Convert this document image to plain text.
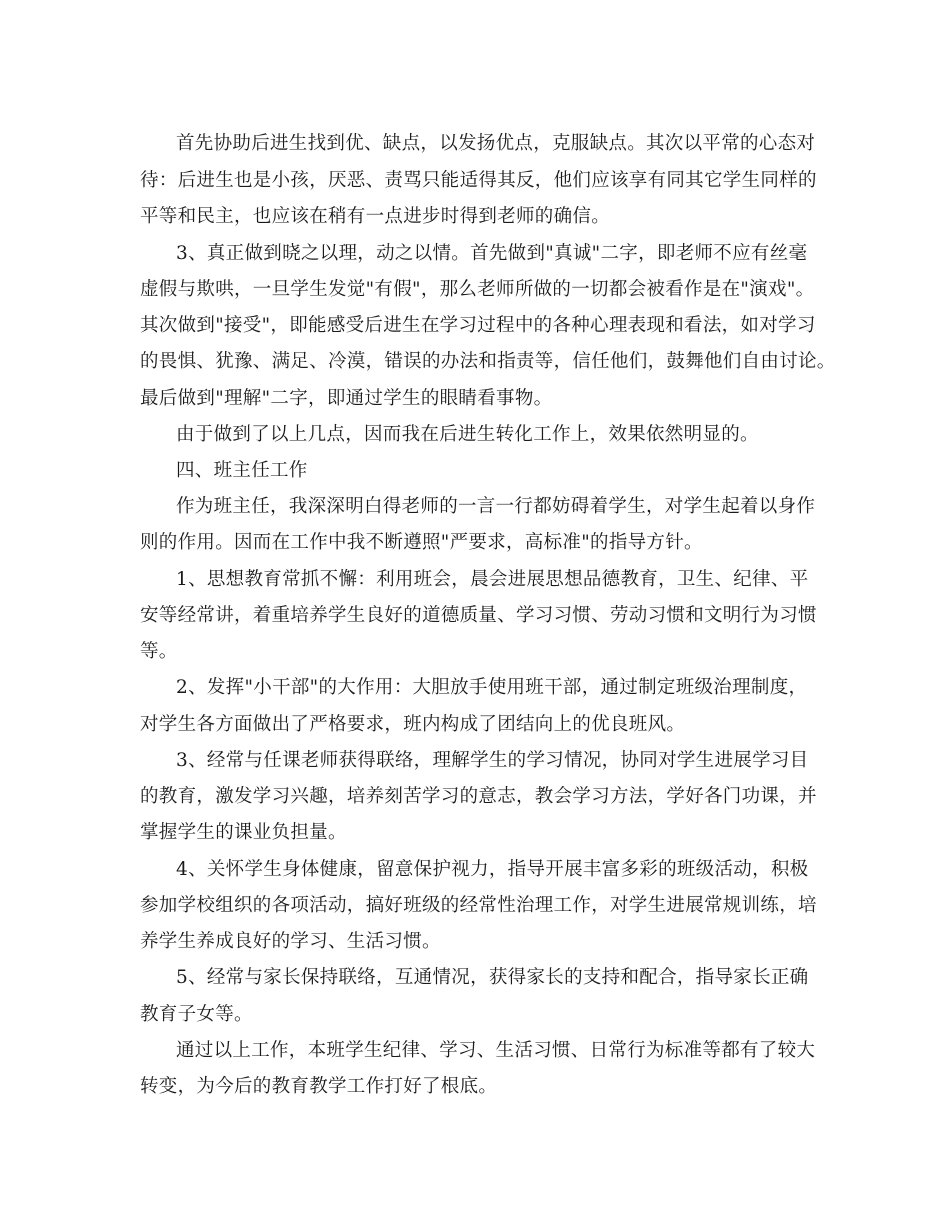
首先协助后进生找到优、缺点，以发扬优点，克服缺点。其次以平常的心态对
待：后进生也是小孩，厌恶、责骂只能适得其反，他们应该享有同其它学生同样的
平等和民主，也应该在稍有一点进步时得到老师的确信。
3、真正做到晓之以理，动之以情。首先做到"真诚"二字，即老师不应有丝毫
虚假与欺哄，一旦学生发觉"有假"，那么老师所做的一切都会被看作是在"演戏"。
其次做到"接受"，即能感受后进生在学习过程中的各种心理表现和看法，如对学习
的畏惧、犹豫、满足、冷漠，错误的办法和指责等，信任他们，鼓舞他们自由讨论。
最后做到"理解"二字，即通过学生的眼睛看事物。
由于做到了以上几点，因而我在后进生转化工作上，效果依然明显的。
四、班主任工作
作为班主任，我深深明白得老师的一言一行都妨碍着学生，对学生起着以身作
则的作用。因而在工作中我不断遵照"严要求，高标准"的指导方针。
1、思想教育常抓不懈：利用班会，晨会进展思想品德教育，卫生、纪律、平
安等经常讲，着重培养学生良好的道德质量、学习习惯、劳动习惯和文明行为习惯
等。
2、发挥"小干部"的大作用：大胆放手使用班干部，通过制定班级治理制度，
对学生各方面做出了严格要求，班内构成了团结向上的优良班风。
3、经常与任课老师获得联络，理解学生的学习情况，协同对学生进展学习目
的教育，激发学习兴趣，培养刻苦学习的意志，教会学习方法，学好各门功课，并
掌握学生的课业负担量。
4、关怀学生身体健康，留意保护视力，指导开展丰富多彩的班级活动，积极
参加学校组织的各项活动，搞好班级的经常性治理工作，对学生进展常规训练，培
养学生养成良好的学习、生活习惯。
5、经常与家长保持联络，互通情况，获得家长的支持和配合，指导家长正确
教育子女等。
通过以上工作，本班学生纪律、学习、生活习惯、日常行为标准等都有了较大
转变，为今后的教育教学工作打好了根底。
